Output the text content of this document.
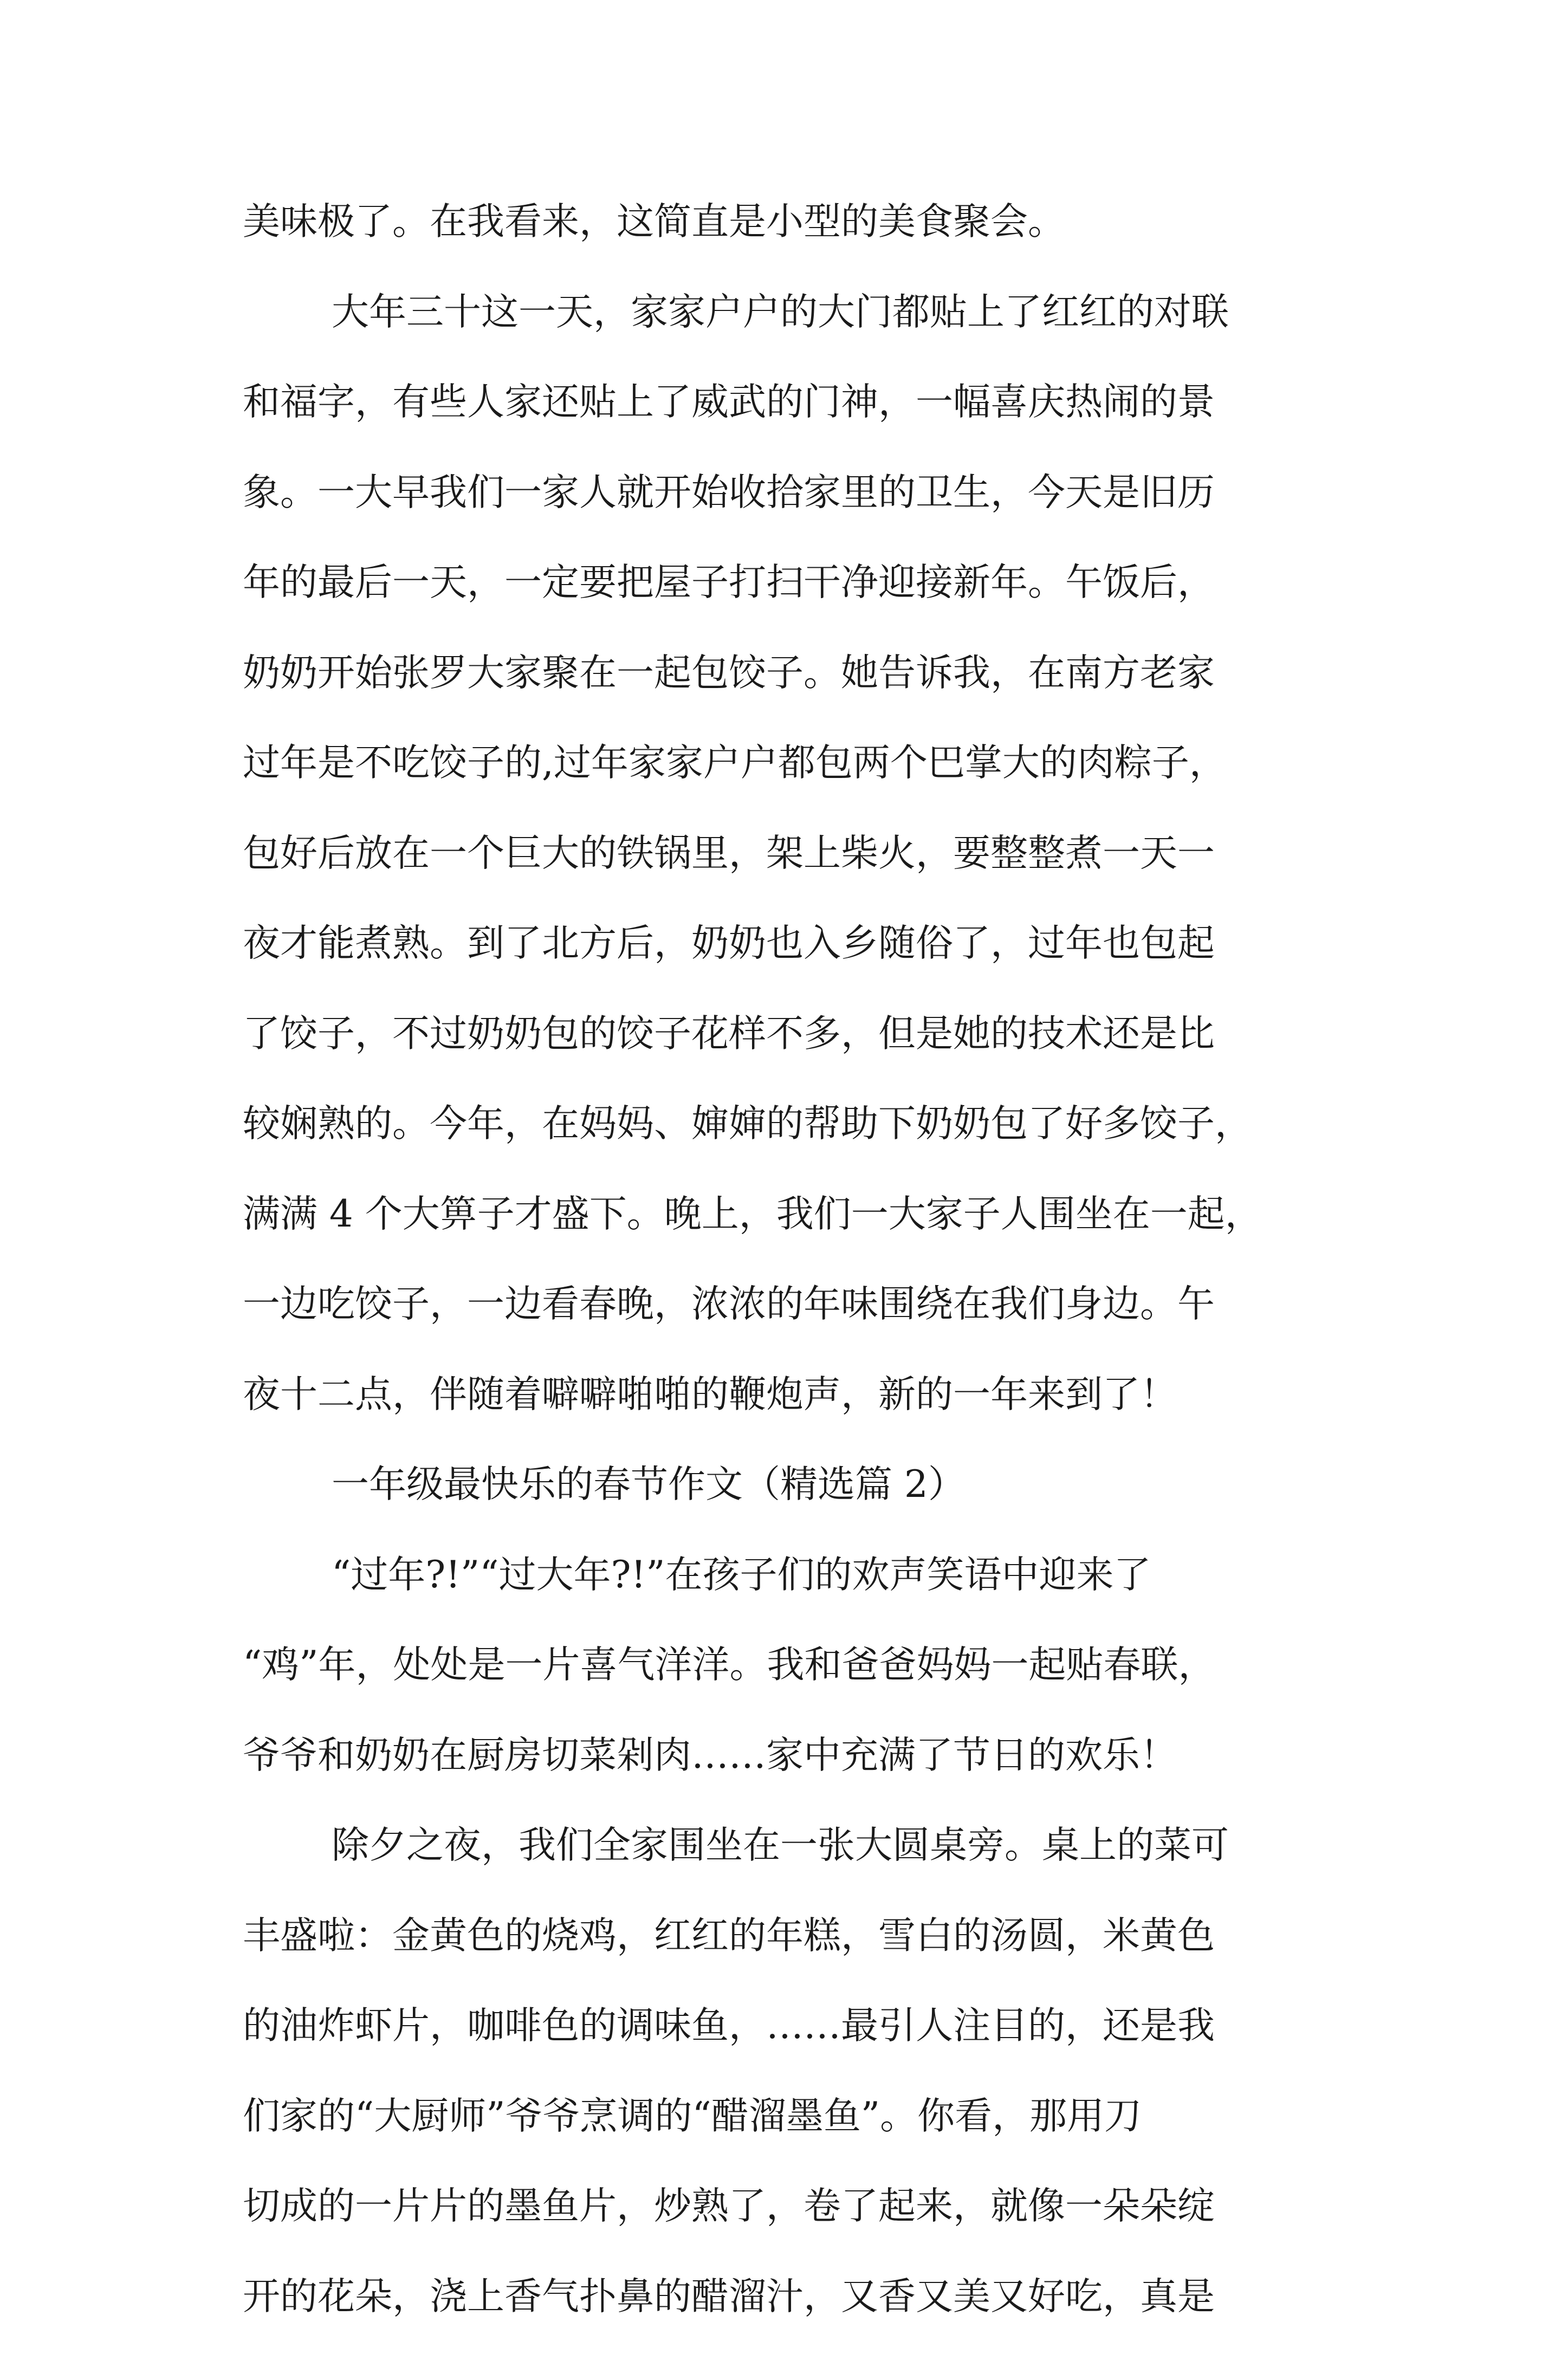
美味极了。在我看来，这简直是小型的美食聚会。
大年三十这一天，家家户户的大门都贴上了红红的对联
和福字，有些人家还贴上了威武的门神，一幅喜庆热闹的景
象。一大早我们一家人就开始收拾家里的卫生，今天是旧历
年的最后一天，一定要把屋子打扫干净迎接新年。午饭后，
奶奶开始张罗大家聚在一起包饺子。她告诉我，在南方老家
过年是不吃饺子的,过年家家户户都包两个巴掌大的肉粽子，
包好后放在一个巨大的铁锅里，架上柴火，要整整煮一天一
夜才能煮熟。到了北方后，奶奶也入乡随俗了，过年也包起
了饺子，不过奶奶包的饺子花样不多，但是她的技术还是比
较娴熟的。今年，在妈妈、婶婶的帮助下奶奶包了好多饺子，
满满 4 个大箅子才盛下。晚上，我们一大家子人围坐在一起，
一边吃饺子，一边看春晚，浓浓的年味围绕在我们身边。午
夜十二点，伴随着噼噼啪啪的鞭炮声，新的一年来到了！
一年级最快乐的春节作文（精选篇 2）
“过年?!”“过大年?!”在孩子们的欢声笑语中迎来了
“鸡”年，处处是一片喜气洋洋。我和爸爸妈妈一起贴春联，
爷爷和奶奶在厨房切菜剁肉……家中充满了节日的欢乐！
除夕之夜，我们全家围坐在一张大圆桌旁。桌上的菜可
丰盛啦：金黄色的烧鸡，红红的年糕，雪白的汤圆，米黄色
的油炸虾片，咖啡色的调味鱼，……最引人注目的，还是我
们家的“大厨师”爷爷烹调的“醋溜墨鱼”。你看，那用刀
切成的一片片的墨鱼片，炒熟了，卷了起来，就像一朵朵绽
开的花朵，浇上香气扑鼻的醋溜汁，又香又美又好吃，真是
